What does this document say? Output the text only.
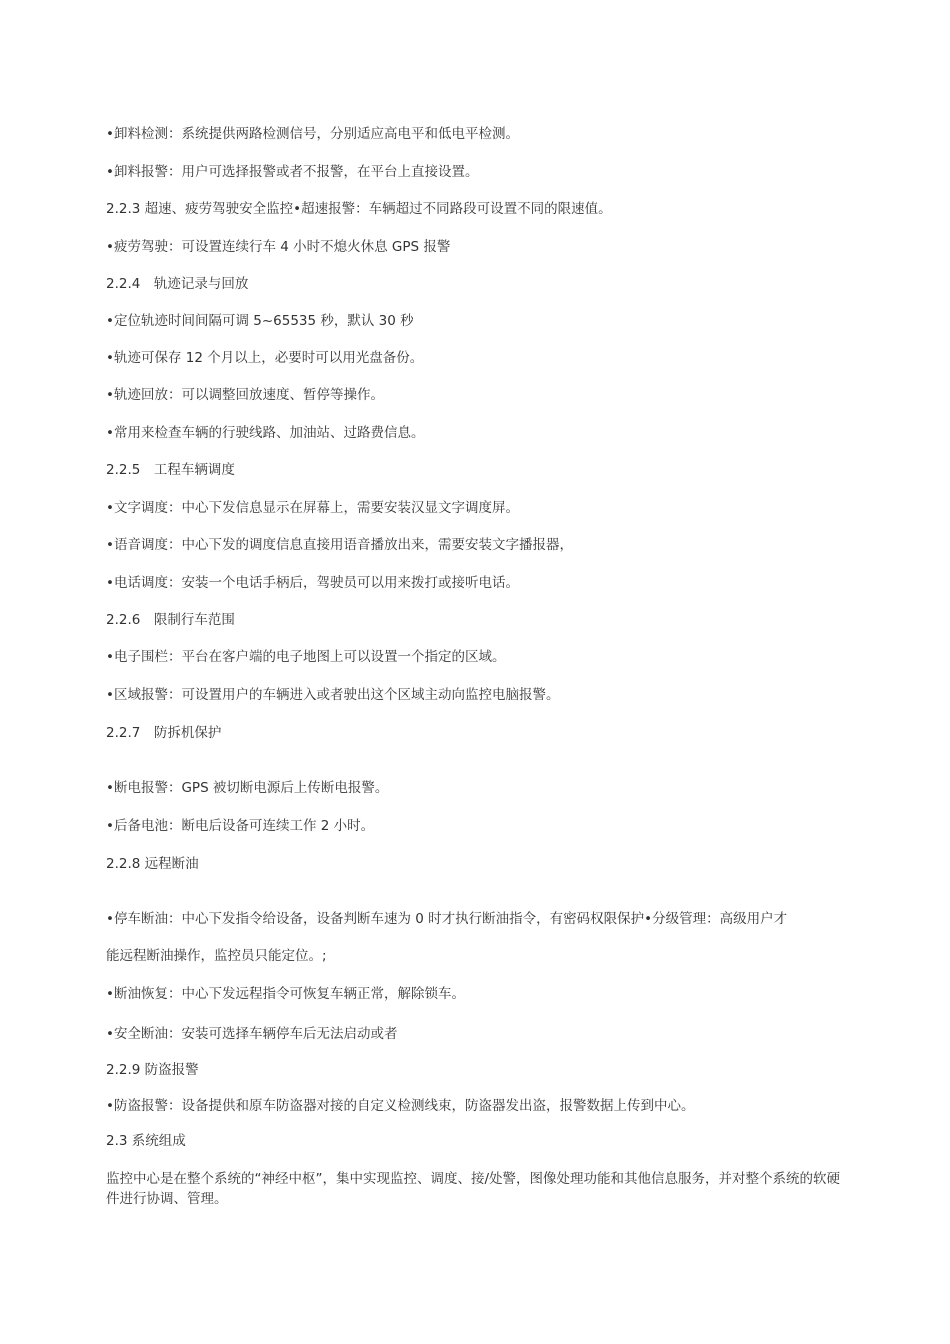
•卸料检测：系统提供两路检测信号，分别适应高电平和低电平检测。
•卸料报警：用户可选择报警或者不报警，在平台上直接设置。
2.2.3 超速、疲劳驾驶安全监控•超速报警：车辆超过不同路段可设置不同的限速值。
•疲劳驾驶：可设置连续行车 4 小时不熄火休息 GPS 报警
2.2.4　轨迹记录与回放
•定位轨迹时间间隔可调 5~65535 秒，默认 30 秒
•轨迹可保存 12 个月以上，必要时可以用光盘备份。
•轨迹回放：可以调整回放速度、暂停等操作。
•常用来检查车辆的行驶线路、加油站、过路费信息。
2.2.5　工程车辆调度
•文字调度：中心下发信息显示在屏幕上，需要安装汉显文字调度屏。
•语音调度：中心下发的调度信息直接用语音播放出来，需要安装文字播报器，
•电话调度：安装一个电话手柄后，驾驶员可以用来拨打或接听电话。
2.2.6　限制行车范围
•电子围栏：平台在客户端的电子地图上可以设置一个指定的区域。
•区域报警：可设置用户的车辆进入或者驶出这个区域主动向监控电脑报警。
2.2.7　防拆机保护
•断电报警：GPS 被切断电源后上传断电报警。
•后备电池：断电后设备可连续工作 2 小时。
2.2.8 远程断油
•停车断油：中心下发指令给设备，设备判断车速为 0 时才执行断油指令，有密码权限保护•分级管理：高级用户才
能远程断油操作，监控员只能定位。;
•断油恢复：中心下发远程指令可恢复车辆正常，解除锁车。
•安全断油：安装可选择车辆停车后无法启动或者
2.2.9 防盗报警
•防盗报警：设备提供和原车防盗器对接的自定义检测线束，防盗器发出盗，报警数据上传到中心。
2.3 系统组成
监控中心是在整个系统的“神经中枢”，集中实现监控、调度、接/处警，图像处理功能和其他信息服务，并对整个系统的软硬件进行协调、管理。
